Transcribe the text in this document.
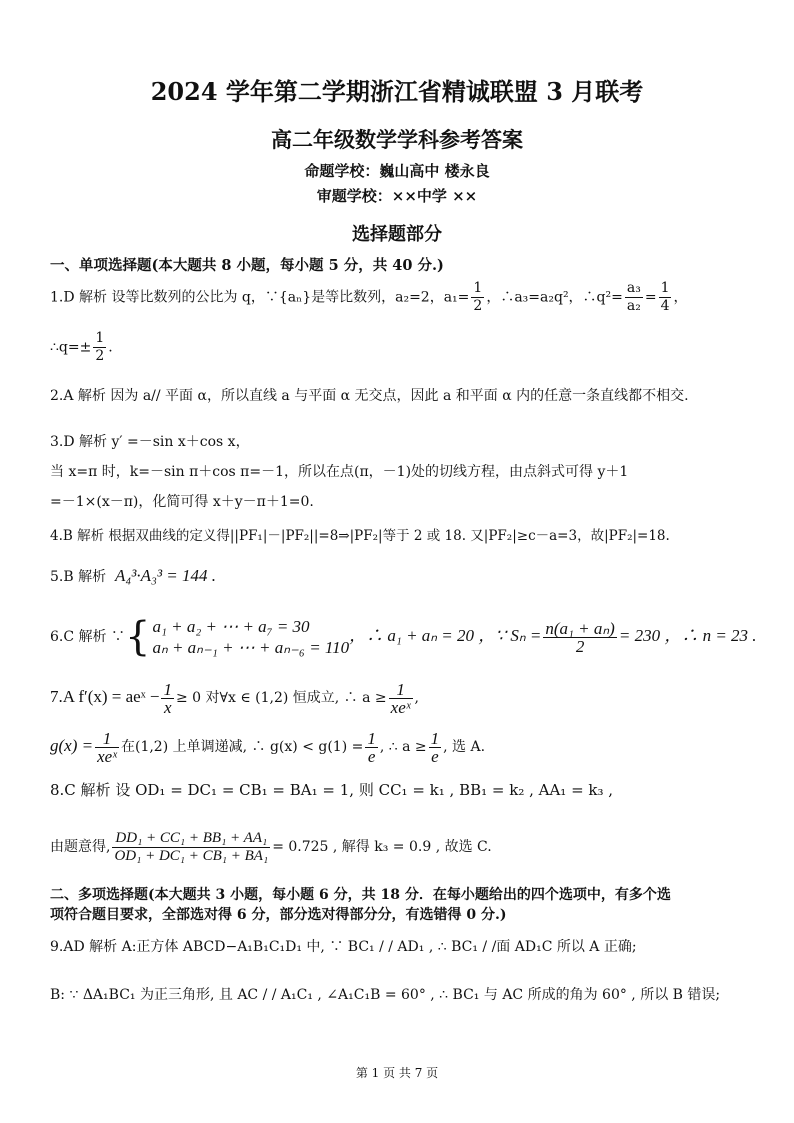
2024 学年第二学期浙江省精诚联盟 3 月联考
高二年级数学学科参考答案
命题学校：巍山高中 楼永良
审题学校：××中学 ××
选择题部分
一、单项选择题(本大题共 8 小题，每小题 5 分，共 40 分.)
1.D 解析 设等比数列的公比为 q，∵{aₙ}是等比数列，a₂=2，$a_1= \frac{1}{2}$ ，∴a₃=a₂q²，∴q²= $\frac{\text{a₃}}{\text{a₂}} = \frac{1}{4}$ ，
∴q=± $\frac{1}{2}$ .
2.A 解析 因为 a// 平面 α，所以直线 a 与平面 α 无交点，因此 a 和平面 α 内的任意一条直线都不相交.
3.D 解析 y′ =－sin x＋cos x，
当 x=π 时，k=－sin π＋cos π=－1，所以在点(π，－1)处的切线方程，由点斜式可得 y＋1
=－1×(x－π)，化简可得 x＋y－π＋1=0.
4.B 解析 根据双曲线的定义得||PF₁|－|PF₂||=8⇒|PF₂|等于 2 或 18. 又|PF₂|≥c－a=3，故|PF₂|=18.
5.B 解析 A₄³·A₃³ = 144 .
6.C 解析 ∵ { a₁ + a₂ + ⋯ + a₇ = 30
aₙ + aₙ₋₁ + ⋯ + aₙ₋₆ = 110
，∴ a₁ + aₙ = 20 ，∵ $S_n = \frac{\text{n(a₁ + aₙ)}}{2} = 230$ ，∴ n = 23 .
7.A f′(x) = aeˣ − $\frac{1}{x} \ge 0$ 对∀x ∈ (1,2) 恒成立, ∴ $a \ge \frac{1}{\text{xeˣ}}$ ,
$g(x) = \frac{1}{\text{xeˣ}}$ 在(1,2) 上单调递减, ∴ $g(x) < g(1) = \frac{1}{e}$ , ∴ $a \ge \frac{1}{e}$ , 选 A.
8.C 解析 设 OD₁ = DC₁ = CB₁ = BA₁ = 1, 则 CC₁ = k₁ , BB₁ = k₂ , AA₁ = k₃ ,
由题意得, $\frac{\text{DD₁ + CC₁ + BB₁ + AA₁}}{\text{OD₁ + DC₁ + CB₁ + BA₁}} = 0.725$ , 解得 k₃ = 0.9 , 故选 C.
二、多项选择题(本大题共 3 小题，每小题 6 分，共 18 分．在每小题给出的四个选项中，有多个选
项符合题目要求，全部选对得 6 分，部分选对得部分分，有选错得 0 分.)
9.AD 解析 A:正方体 ABCD−A₁B₁C₁D₁ 中, ∵ BC₁ / / AD₁ , ∴ BC₁ / /面 AD₁C 所以 A 正确;
B: ∵ ΔA₁BC₁ 为正三角形, 且 AC / / A₁C₁ , ∠A₁C₁B = 60° , ∴ BC₁ 与 AC 所成的角为 60° , 所以 B 错误;
第 1 页 共 7 页
